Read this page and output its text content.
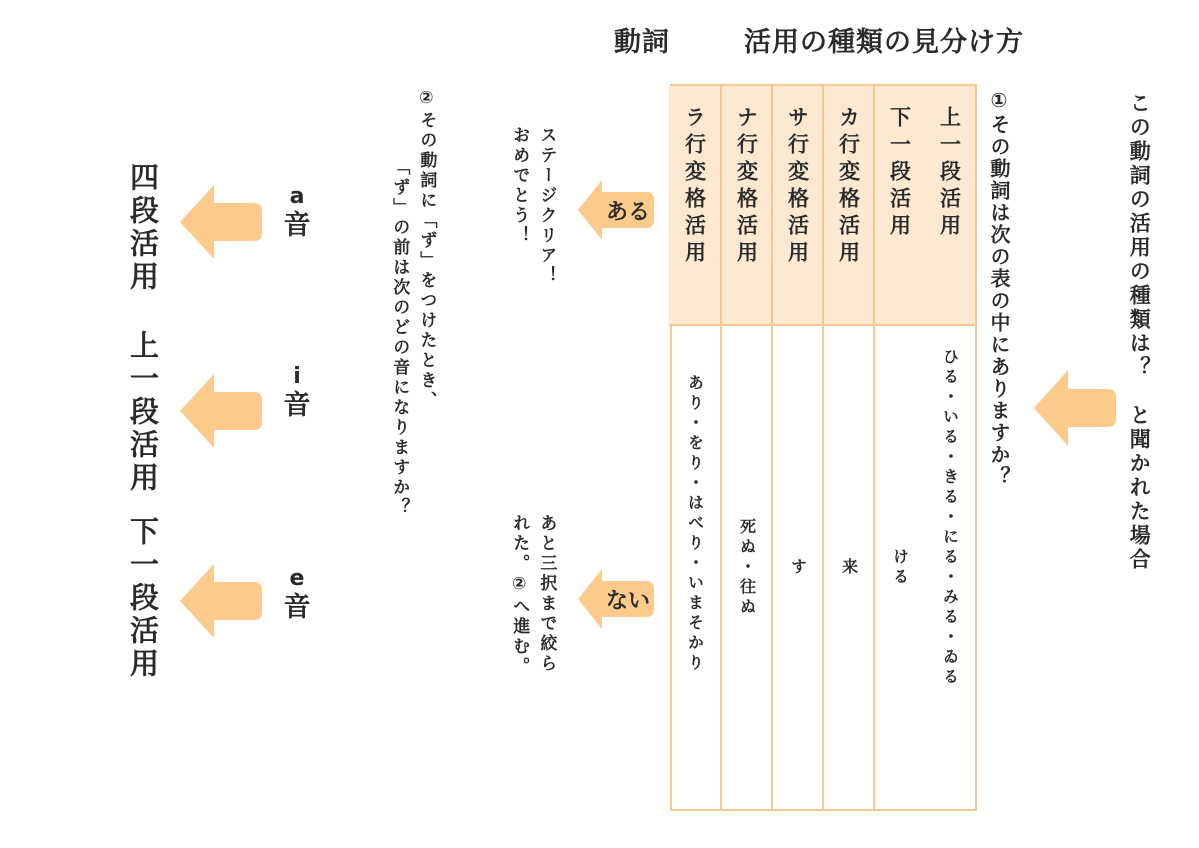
動詞	活用の種類の見分け方
この動詞の活用の種類は？と聞かれた場合
①その動詞は次の表の中にありますか？
上一段活用
ひる・いる・きる・にる・みる・ゐる
下一段活用
ける
カ行変格活用
来
サ行変格活用
す
ナ行変格活用
死ぬ・往ぬ
ラ行変格活用
あり・をり・はべり・いまそかり
ある
ない
ステージクリア！
おめでとう！
あと三択まで絞ら
れた。②へ進む。
②その動詞に「ず」をつけたとき、
「ず」の前は次のどの音になりますか？
a
音
i
音
e
音
四段活用
上一段活用
下一段活用
